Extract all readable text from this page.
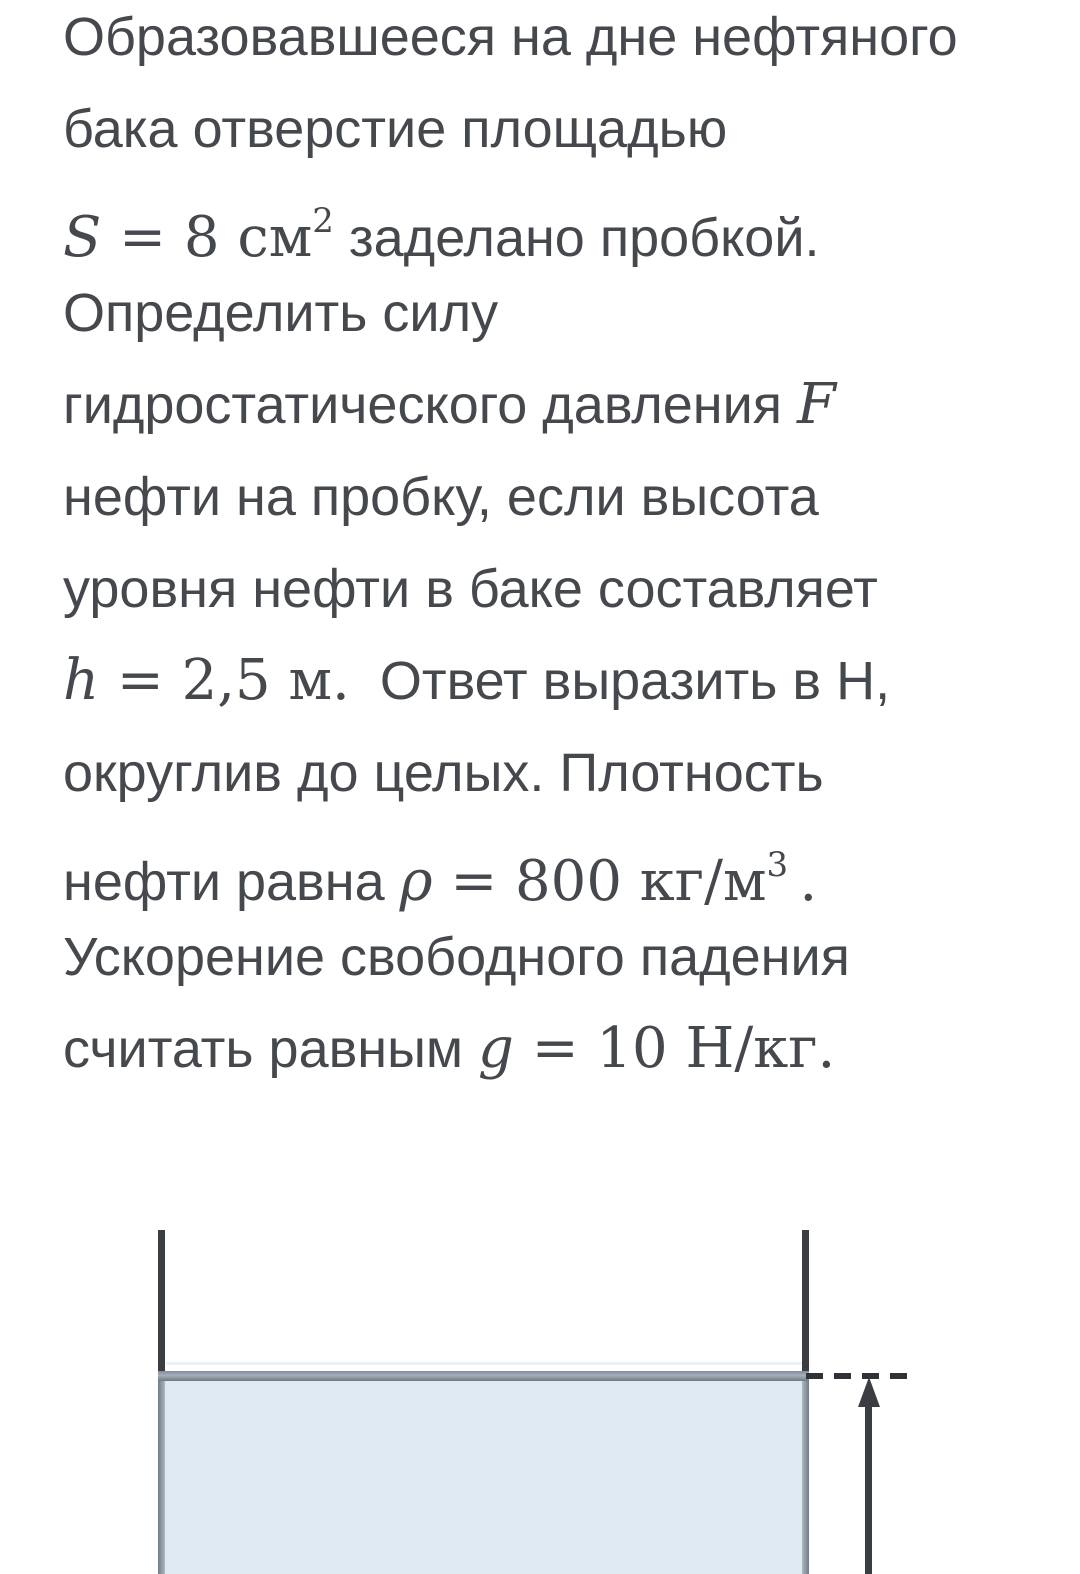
Образовавшееся на дне нефтяного
бака отверстие площадью
S = 8 $см^2$ заделано пробкой.
Определить силу
гидростатического давления F
нефти на пробку, если высота
уровня нефти в баке составляет
h = 2,5 м.  Ответ выразить в Н,
округлив до целых. Плотность
нефти равна ρ = 800 $кг/м^3$ .
Ускорение свободного падения
считать равным g = 10 Н/кг.
